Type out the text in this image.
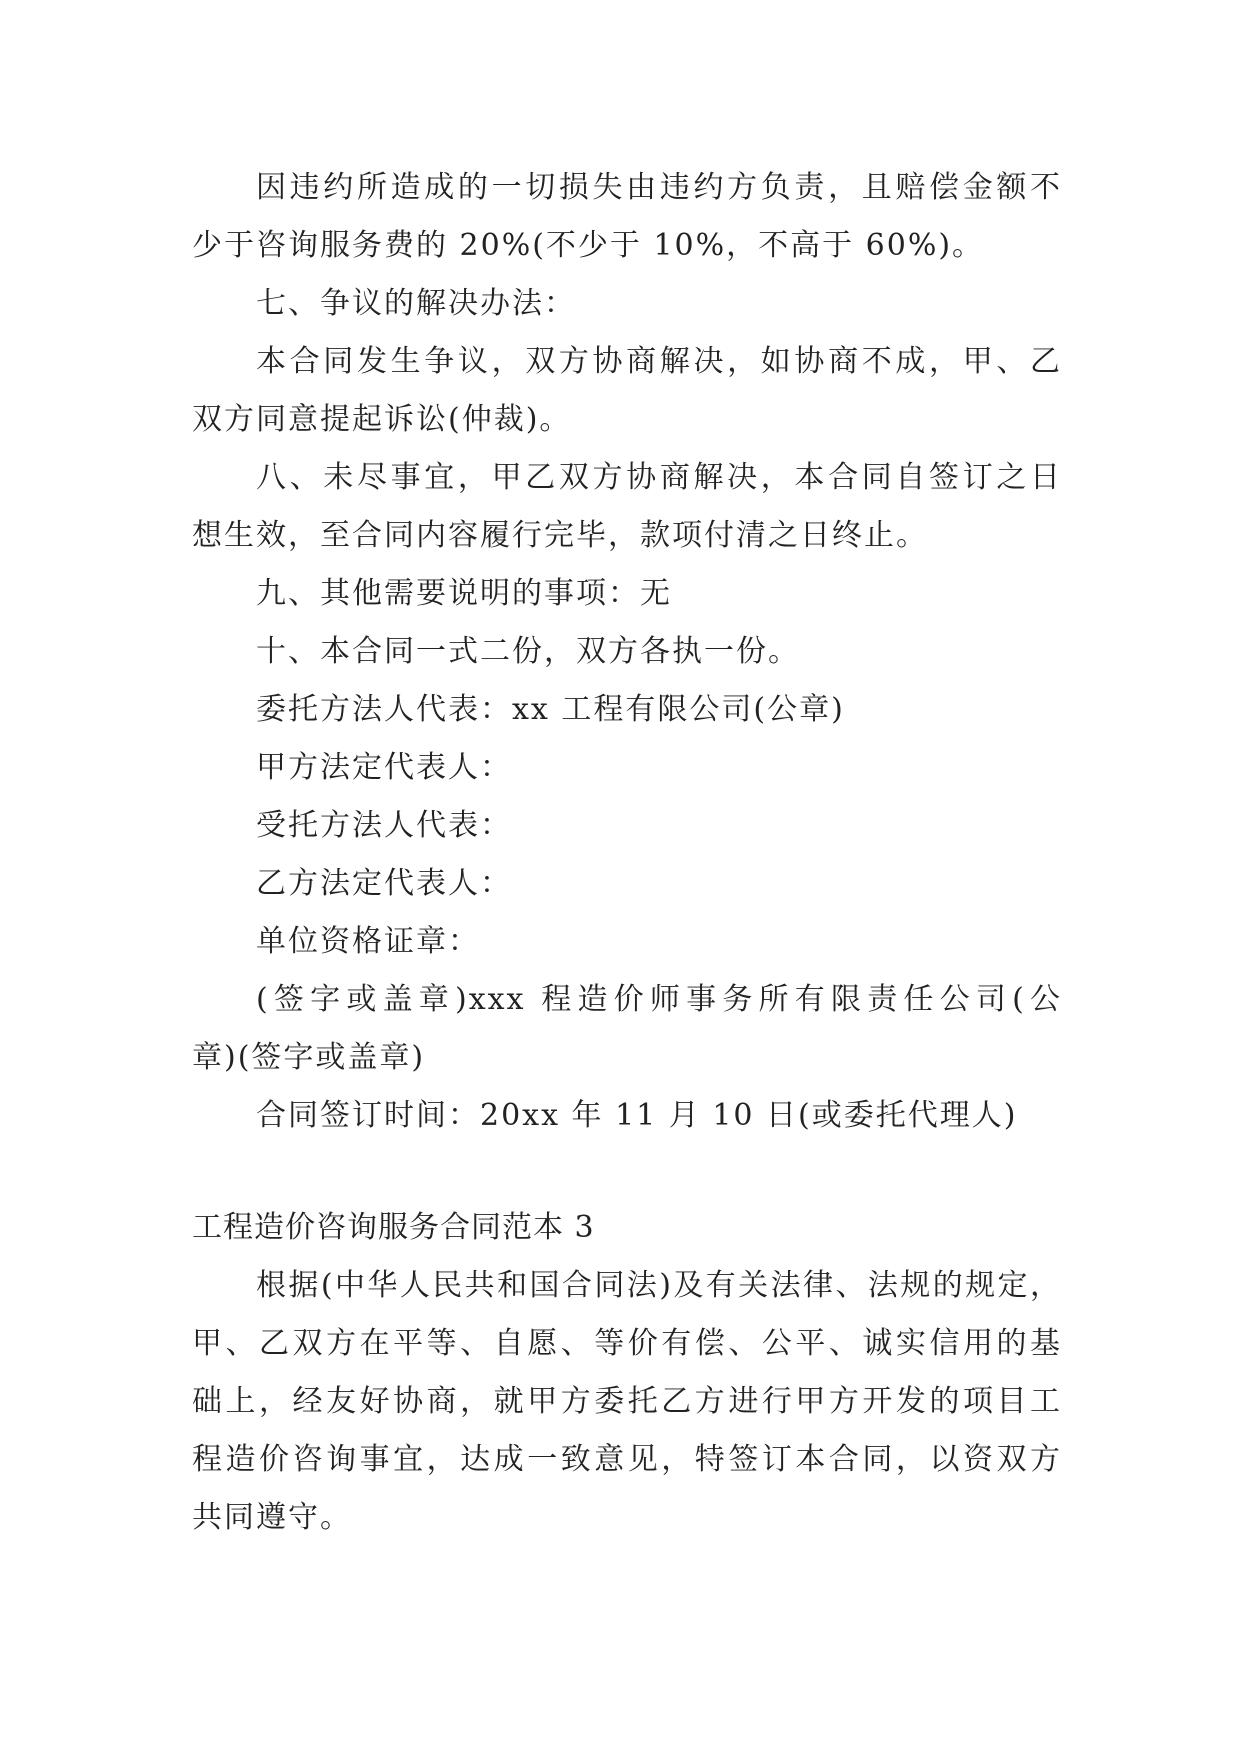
因违约所造成的一切损失由违约方负责，且赔偿金额不
少于咨询服务费的 20%(不少于 10%，不高于 60%)。
七、争议的解决办法：
本合同发生争议，双方协商解决，如协商不成，甲、乙
双方同意提起诉讼(仲裁)。
八、未尽事宜，甲乙双方协商解决，本合同自签订之日
想生效，至合同内容履行完毕，款项付清之日终止。
九、其他需要说明的事项：无
十、本合同一式二份，双方各执一份。
委托方法人代表：xx 工程有限公司(公章)
甲方法定代表人：
受托方法人代表：
乙方法定代表人：
单位资格证章：
(签字或盖章)xxx 程造价师事务所有限责任公司(公
章)(签字或盖章)
合同签订时间：20xx 年 11 月 10 日(或委托代理人)
工程造价咨询服务合同范本 3
根据(中华人民共和国合同法)及有关法律、法规的规定，
甲、乙双方在平等、自愿、等价有偿、公平、诚实信用的基
础上，经友好协商，就甲方委托乙方进行甲方开发的项目工
程造价咨询事宜，达成一致意见，特签订本合同，以资双方
共同遵守。
